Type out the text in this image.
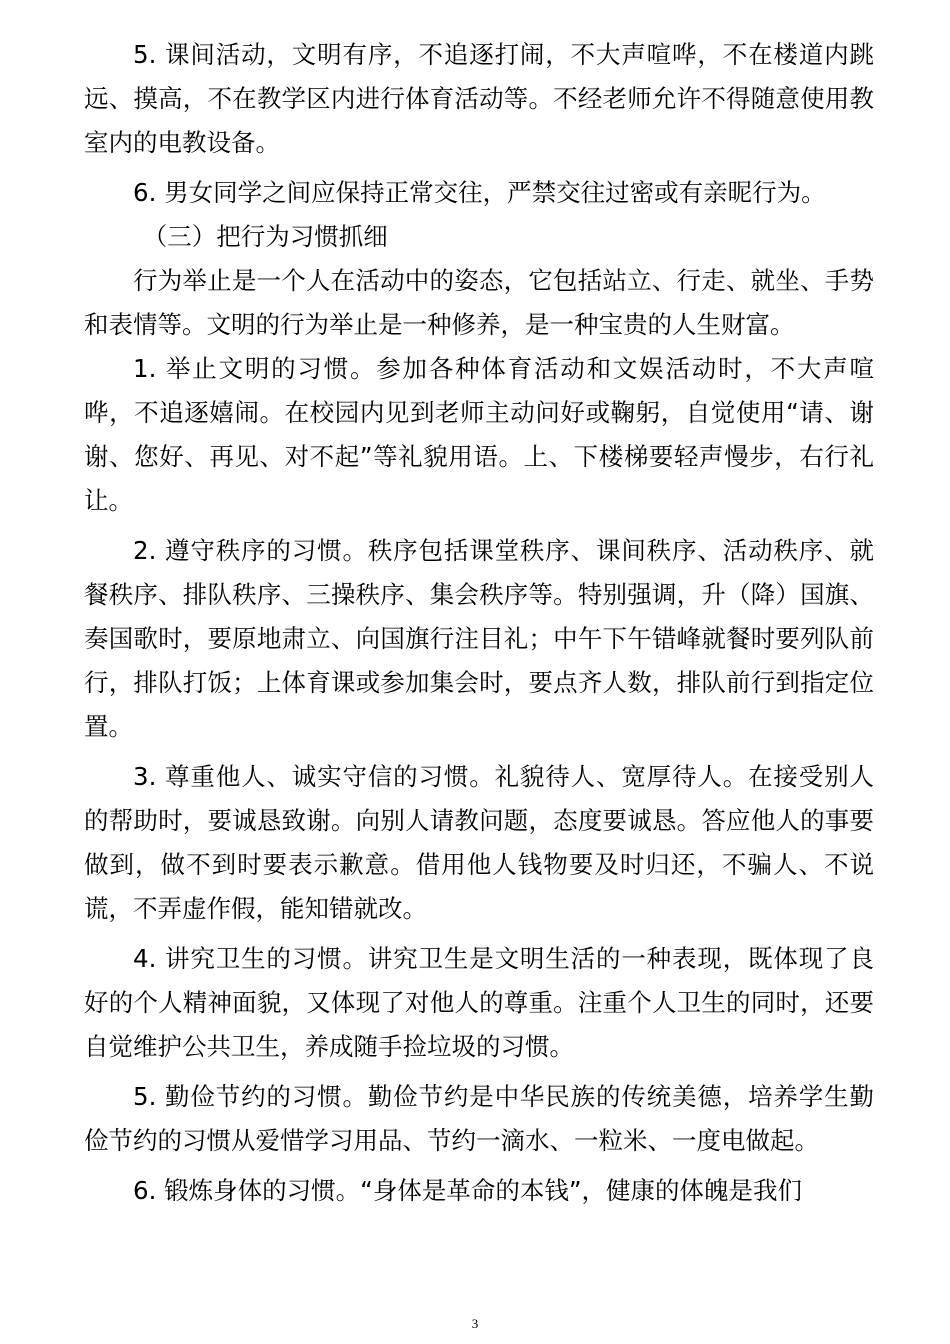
5. 课间活动，文明有序，不追逐打闹，不大声喧哗，不在楼道内跳远、摸高，不在教学区内进行体育活动等。不经老师允许不得随意使用教室内的电教设备。

6. 男女同学之间应保持正常交往，严禁交往过密或有亲昵行为。

（三）把行为习惯抓细

行为举止是一个人在活动中的姿态，它包括站立、行走、就坐、手势和表情等。文明的行为举止是一种修养，是一种宝贵的人生财富。

1. 举止文明的习惯。参加各种体育活动和文娱活动时，不大声喧哗，不追逐嬉闹。在校园内见到老师主动问好或鞠躬，自觉使用“请、谢谢、您好、再见、对不起”等礼貌用语。上、下楼梯要轻声慢步，右行礼让。

2. 遵守秩序的习惯。秩序包括课堂秩序、课间秩序、活动秩序、就餐秩序、排队秩序、三操秩序、集会秩序等。特别强调，升（降）国旗、奏国歌时，要原地肃立、向国旗行注目礼；中午下午错峰就餐时要列队前行，排队打饭；上体育课或参加集会时，要点齐人数，排队前行到指定位置。

3. 尊重他人、诚实守信的习惯。礼貌待人、宽厚待人。在接受别人的帮助时，要诚恳致谢。向别人请教问题，态度要诚恳。答应他人的事要做到，做不到时要表示歉意。借用他人钱物要及时归还，不骗人、不说谎，不弄虚作假，能知错就改。

4. 讲究卫生的习惯。讲究卫生是文明生活的一种表现，既体现了良好的个人精神面貌，又体现了对他人的尊重。注重个人卫生的同时，还要自觉维护公共卫生，养成随手捡垃圾的习惯。

5. 勤俭节约的习惯。勤俭节约是中华民族的传统美德，培养学生勤俭节约的习惯从爱惜学习用品、节约一滴水、一粒米、一度电做起。

6. 锻炼身体的习惯。“身体是革命的本钱”，健康的体魄是我们

3
